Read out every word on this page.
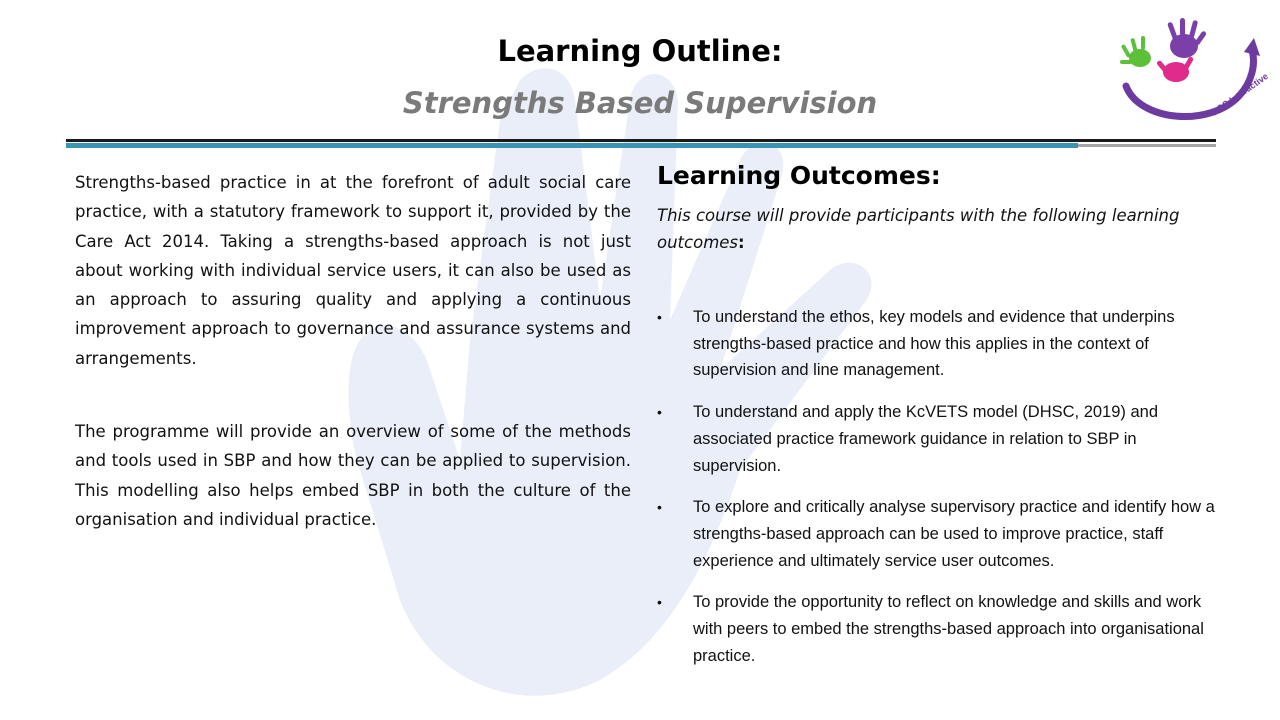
Learning Outline:
Strengths Based Supervision	DCC Interactive

Strengths-based practice in at the forefront of adult social care practice, with a statutory framework to support it, provided by the Care Act 2014. Taking a strengths-based approach is not just about working with individual service users, it can also be used as an approach to assuring quality and applying a continuous improvement approach to governance and assurance systems and arrangements.

The programme will provide an overview of some of the methods and tools used in SBP and how they can be applied to supervision. This modelling also helps embed SBP in both the culture of the organisation and individual practice.

Learning Outcomes:

This course will provide participants with the following learning outcomes:

• To understand the ethos, key models and evidence that underpins strengths-based practice and how this applies in the context of supervision and line management.
• To understand and apply the KcVETS model (DHSC, 2019) and associated practice framework guidance in relation to SBP in supervision.
• To explore and critically analyse supervisory practice and identify how a strengths-based approach can be used to improve practice, staff experience and ultimately service user outcomes.
• To provide the opportunity to reflect on knowledge and skills and work with peers to embed the strengths-based approach into organisational practice.
